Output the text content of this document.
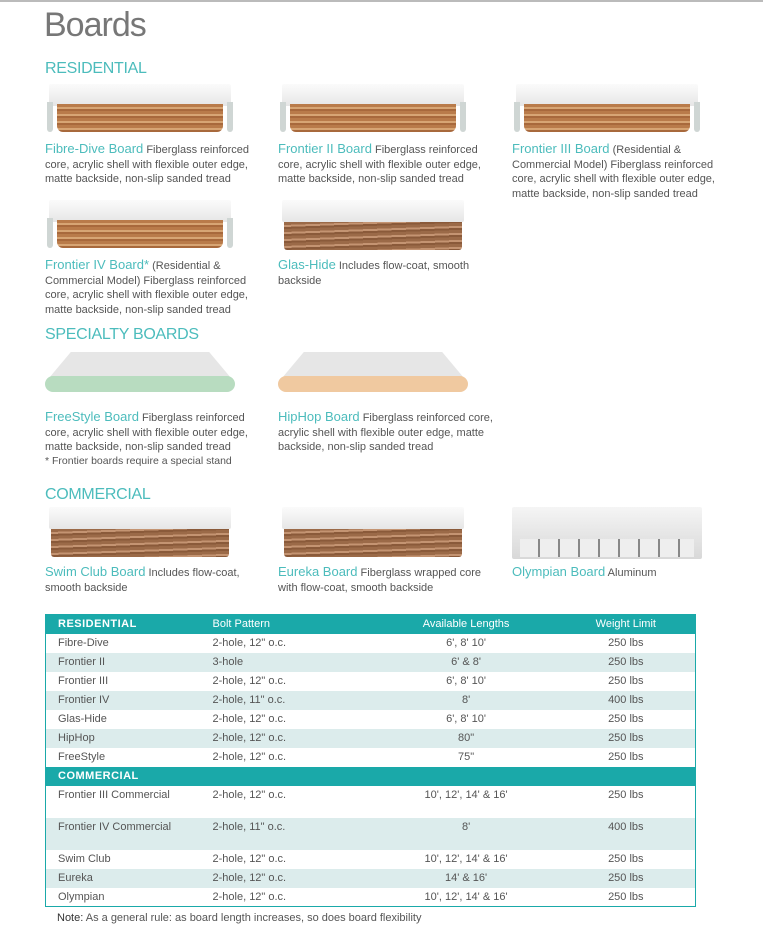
Boards
RESIDENTIAL
SPECIALTY BOARDS
COMMERCIAL
Fibre-Dive Board Fiberglass reinforced core, acrylic shell with flexible outer edge, matte backside, non-slip sanded tread
Frontier II Board Fiberglass reinforced core, acrylic shell with flexible outer edge, matte backside, non-slip sanded tread
Frontier III Board (Residential & Commercial Model) Fiberglass reinforced core, acrylic shell with flexible outer edge, matte backside, non-slip sanded tread
Frontier IV Board* (Residential & Commercial Model) Fiberglass reinforced core, acrylic shell with flexible outer edge, matte backside, non-slip sanded tread
Glas-Hide Includes flow-coat, smooth backside
FreeStyle Board Fiberglass reinforced core, acrylic shell with flexible outer edge, matte backside, non-slip sanded tread
HipHop Board Fiberglass reinforced core, acrylic shell with flexible outer edge, matte backside, non-slip sanded tread
Swim Club Board Includes flow-coat, smooth backside
Eureka Board Fiberglass wrapped core with flow-coat, smooth backside
Olympian Board Aluminum
* Frontier boards require a special stand
RESIDENTIAL	Bolt Pattern	Available Lengths	Weight Limit
Fibre-Dive	2-hole, 12" o.c.	6', 8' 10'	250 lbs
Frontier II	3-hole	6' & 8'	250 lbs
Frontier III	2-hole, 12" o.c.	6', 8' 10'	250 lbs
Frontier IV	2-hole, 11" o.c.	8'	400 lbs
Glas-Hide	2-hole, 12" o.c.	6', 8' 10'	250 lbs
HipHop	2-hole, 12" o.c.	80"	250 lbs
FreeStyle	2-hole, 12" o.c.	75"	250 lbs
COMMERCIAL			
Frontier III Commercial	2-hole, 12" o.c.	10', 12', 14' & 16'	250 lbs
Frontier IV Commercial	2-hole, 11" o.c.	8'	400 lbs
Swim Club	2-hole, 12" o.c.	10', 12', 14' & 16'	250 lbs
Eureka	2-hole, 12" o.c.	14' & 16'	250 lbs
Olympian	2-hole, 12" o.c.	10', 12', 14' & 16'	250 lbs
Note: As a general rule: as board length increases, so does board flexibility
